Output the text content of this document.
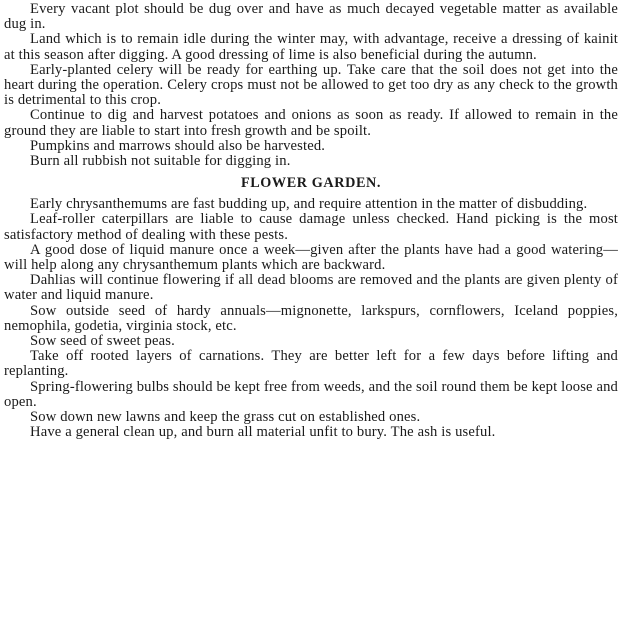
Every vacant plot should be dug over and have as much decayed vegetable matter as available dug in.

Land which is to remain idle during the winter may, with advantage, receive a dressing of kainit at this season after digging. A good dressing of lime is also beneficial during the autumn.

Early-planted celery will be ready for earthing up. Take care that the soil does not get into the heart during the operation. Celery crops must not be allowed to get too dry as any check to the growth is detrimental to this crop.

Continue to dig and harvest potatoes and onions as soon as ready. If allowed to remain in the ground they are liable to start into fresh growth and be spoilt.

Pumpkins and marrows should also be harvested.

Burn all rubbish not suitable for digging in.

FLOWER GARDEN.

Early chrysanthemums are fast budding up, and require attention in the matter of disbudding.

Leaf-roller caterpillars are liable to cause damage unless checked. Hand picking is the most satisfactory method of dealing with these pests.

A good dose of liquid manure once a week—given after the plants have had a good watering—will help along any chrysanthemum plants which are backward.

Dahlias will continue flowering if all dead blooms are removed and the plants are given plenty of water and liquid manure.

Sow outside seed of hardy annuals—mignonette, larkspurs, cornflowers, Iceland poppies, nemophila, godetia, virginia stock, etc.

Sow seed of sweet peas.

Take off rooted layers of carnations. They are better left for a few days before lifting and replanting.

Spring-flowering bulbs should be kept free from weeds, and the soil round them be kept loose and open.

Sow down new lawns and keep the grass cut on established ones.

Have a general clean up, and burn all material unfit to bury. The ash is useful.
